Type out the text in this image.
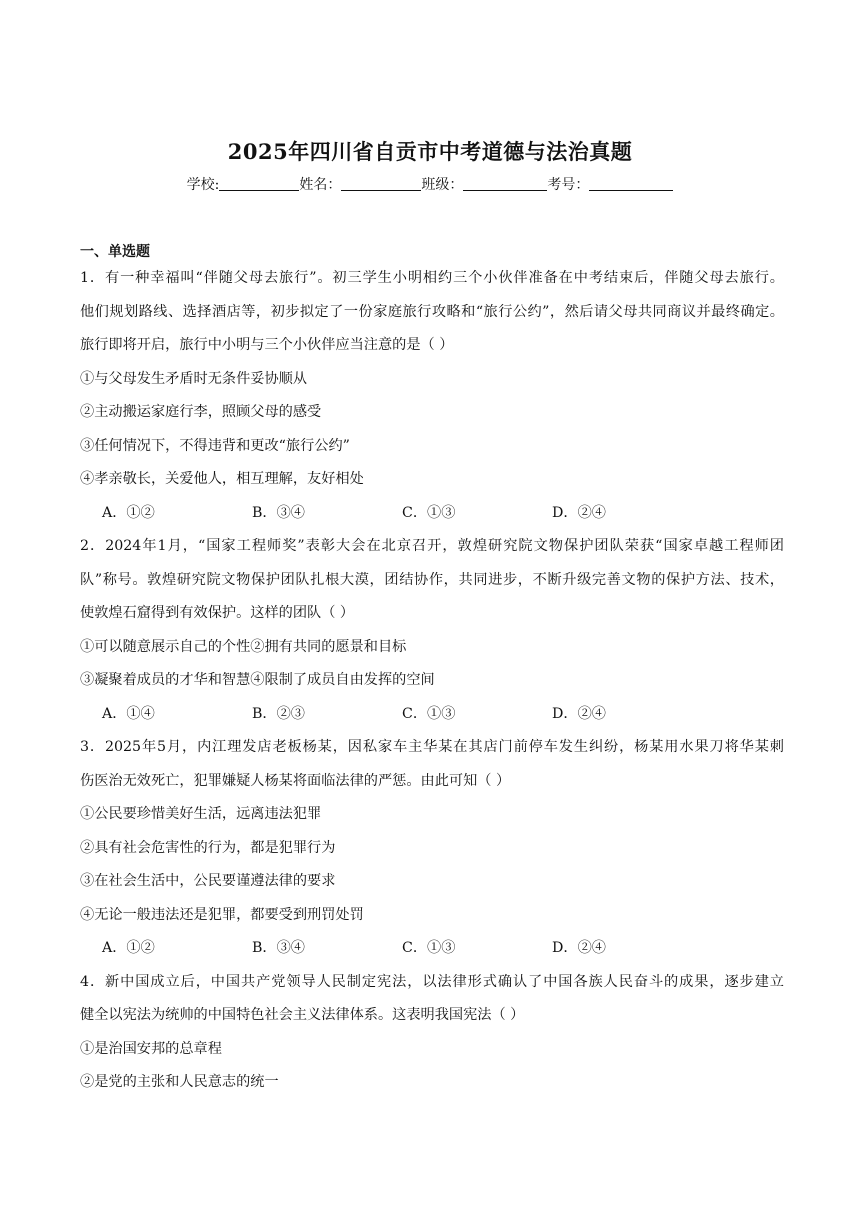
2025年四川省自贡市中考道德与法治真题
学校:	姓名：	班级：	考号：
一、单选题
1．有一种幸福叫“伴随父母去旅行”。初三学生小明相约三个小伙伴准备在中考结束后，伴随父母去旅行。
他们规划路线、选择酒店等，初步拟定了一份家庭旅行攻略和“旅行公约”，然后请父母共同商议并最终确定。
旅行即将开启，旅行中小明与三个小伙伴应当注意的是（ ）
①与父母发生矛盾时无条件妥协顺从
②主动搬运家庭行李，照顾父母的感受
③任何情况下，不得违背和更改“旅行公约”
④孝亲敬长，关爱他人，相互理解，友好相处
A．①②	B．③④	C．①③	D．②④
2．2024年1月，“国家工程师奖”表彰大会在北京召开，敦煌研究院文物保护团队荣获“国家卓越工程师团
队”称号。敦煌研究院文物保护团队扎根大漠，团结协作，共同进步，不断升级完善文物的保护方法、技术，
使敦煌石窟得到有效保护。这样的团队（ ）
①可以随意展示自己的个性②拥有共同的愿景和目标
③凝聚着成员的才华和智慧④限制了成员自由发挥的空间
A．①④	B．②③	C．①③	D．②④
3．2025年5月，内江理发店老板杨某，因私家车主华某在其店门前停车发生纠纷，杨某用水果刀将华某刺
伤医治无效死亡，犯罪嫌疑人杨某将面临法律的严惩。由此可知（ ）
①公民要珍惜美好生活，远离违法犯罪
②具有社会危害性的行为，都是犯罪行为
③在社会生活中，公民要谨遵法律的要求
④无论一般违法还是犯罪，都要受到刑罚处罚
A．①②	B．③④	C．①③	D．②④
4．新中国成立后，中国共产党领导人民制定宪法，以法律形式确认了中国各族人民奋斗的成果，逐步建立
健全以宪法为统帅的中国特色社会主义法律体系。这表明我国宪法（ ）
①是治国安邦的总章程
②是党的主张和人民意志的统一
